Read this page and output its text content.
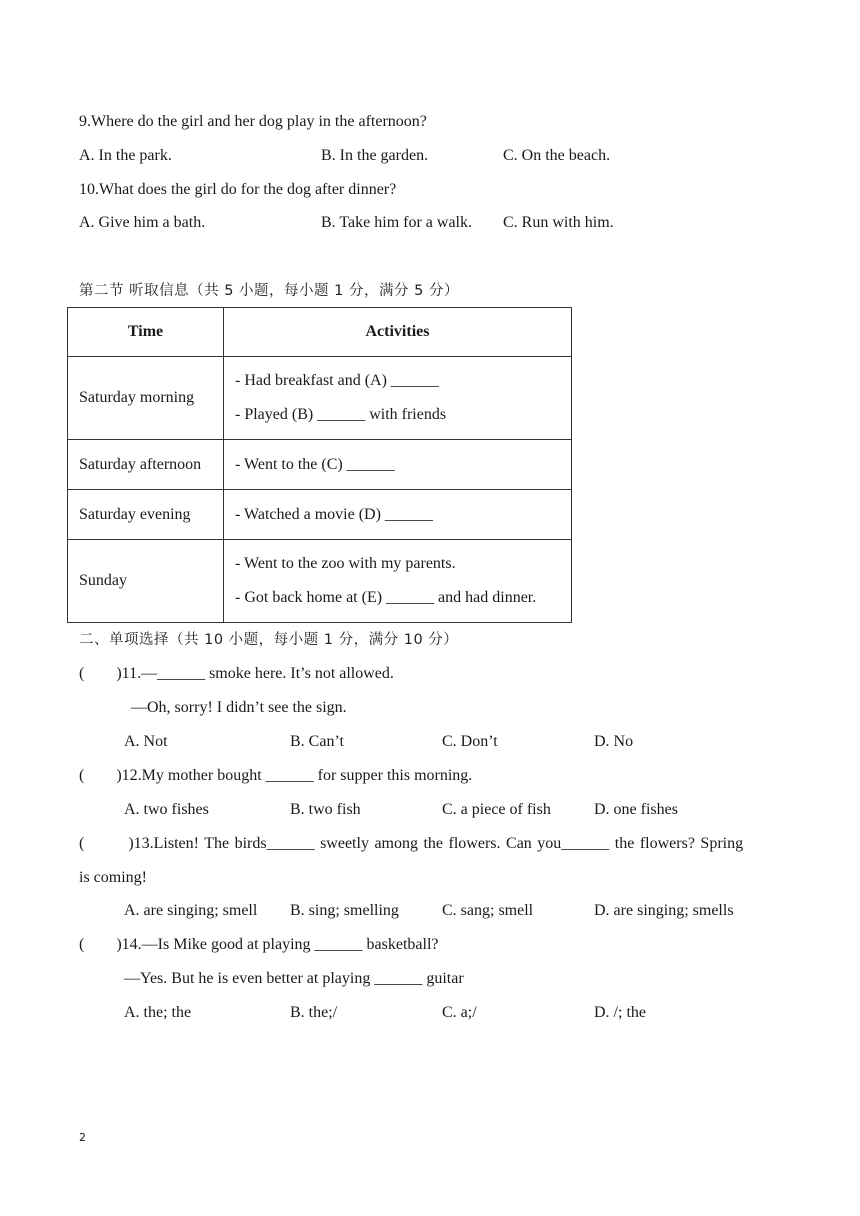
9.Where do the girl and her dog play in the afternoon?
A. In the park.	B. In the garden.	C. On the beach.
10.What does the girl do for the dog after dinner?
A. Give him a bath.	B. Take him for a walk. C. Run with him.
第二节 听取信息（共 5 小题，每小题 1 分，满分 5 分）
Time	Activities
Saturday morning	- Had breakfast and (A) ______
- Played (B) ______ with friends

Saturday afternoon	- Went to the (C) ______

Saturday evening	- Watched a movie (D) ______

Sunday	- Went to the zoo with my parents.
- Got back home at (E) ______ and had dinner.
二、单项选择（共 10 小题，每小题 1 分，满分 10 分）
(        )11.—______ smoke here. It’s not allowed.
—Oh, sorry! I didn’t see the sign.
A. Not	B. Can’t	C. Don’t	D. No
(        )12.My mother bought ______ for supper this morning.
A. two fishes	B. two fish	C. a piece of fish	D. one fishes
(        )13.Listen! The birds______ sweetly among the flowers. Can you______ the flowers? Spring
is coming!
A. are singing; smell B. sing; smelling	C. sang; smell	D. are singing; smells
(        )14.—Is Mike good at playing ______ basketball?
—Yes. But he is even better at playing ______ guitar
A. the; the	B. the;/	C. a;/	D. /; the
2
